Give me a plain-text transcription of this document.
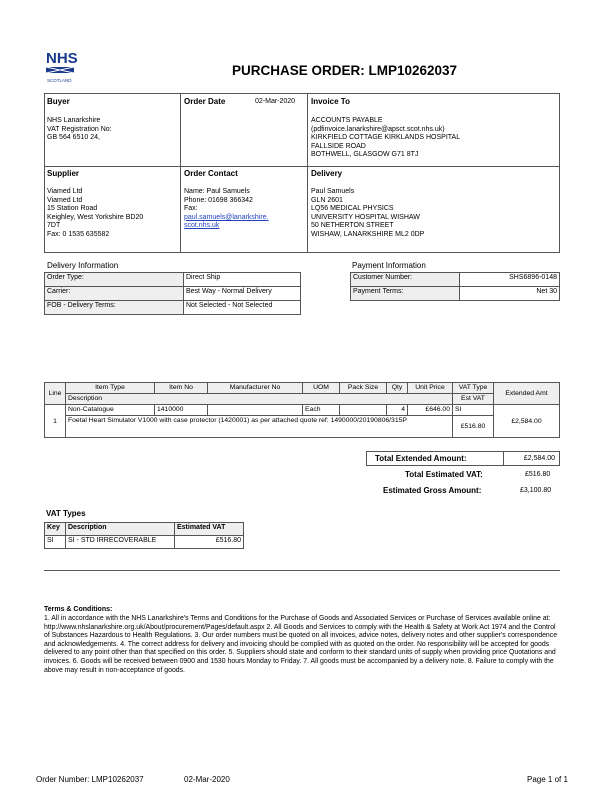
NHS
SCOTLAND
PURCHASE ORDER: LMP10262037
Buyer
NHS Lanarkshire
VAT Registration No:
GB 564 6510 24,
Order Date	02-Mar-2020 Invoice To
ACCOUNTS PAYABLE
(pdfinvoice.lanarkshire@apsct.scot.nhs.uk)
KIRKFIELD COTTAGE KIRKLANDS HOSPITAL
FALLSIDE ROAD
BOTHWELL, GLASGOW G71 8TJ
Supplier
Viamed Ltd
Viamed Ltd
15 Station Road
Keighley, West Yorkshire BD20
7DT
Fax: 0 1535 635582
Order Contact
Name: Paul Samuels
Phone: 01698 366342
Fax:
paul.samuels@lanarkshire.
scot.nhs.uk
Delivery
Paul Samuels
GLN 2601
LQ56 MEDICAL PHYSICS
UNIVERSITY HOSPITAL WISHAW
50 NETHERTON STREET
WISHAW, LANARKSHIRE ML2 0DP
Delivery Information
Order Type:	Direct Ship
Carrier:	Best Way - Normal Delivery
FOB - Delivery Terms:	Not Selected - Not Selected
Payment Information
Customer Number:	SHS6896-0148
Payment Terms:	Net 30
Line	Item Type	Item No	Manufacturer No	UOM	Pack Size	Qty	Unit Price	VAT Type	Extended Amt
	Description							Est VAT	
1	Non-Catalogue	1410000		Each		4	£646.00	SI	£2,584.00
	Foetal Heart Simulator V1000 with case protector (1420001) as per attached quote ref: 1490000/20190806/315P							£516.80	
Total Extended Amount:	£2,584.00
Total Estimated VAT:	£516.80
Estimated Gross Amount:	£3,100.80
VAT Types
Key	Description	Estimated VAT
SI	SI - STD IRRECOVERABLE	£516.80
Terms & Conditions:
1. All in accordance with the NHS Lanarkshire's Terms and Conditions for the Purchase of Goods and Associated Services or Purchase of Services available online at: http://www.nhslanarkshire.org.uk/About/procurement/Pages/default.aspx 2. All Goods and Services to comply with the Health & Safety at Work Act 1974 and the Control of Substances Hazardous to Health Regulations. 3. Our order numbers must be quoted on all invoices, advice notes, delivery notes and other supplier's correspondence and acknowledgements. 4. The correct address for delivery and invoicing should be complied with as quoted on the order. No responsibility will be accepted for goods delivered to any point other than that specified on this order. 5. Suppliers should state and conform to their standard units of supply when providing price Quotations and invoices. 6. Goods will be received between 0900 and 1530 hours Monday to Friday. 7. All goods must be accompanied by a delivery note. 8. Failure to comply with the above may result in non-acceptance of goods.
Order Number: LMP10262037	02-Mar-2020	Page 1 of 1
